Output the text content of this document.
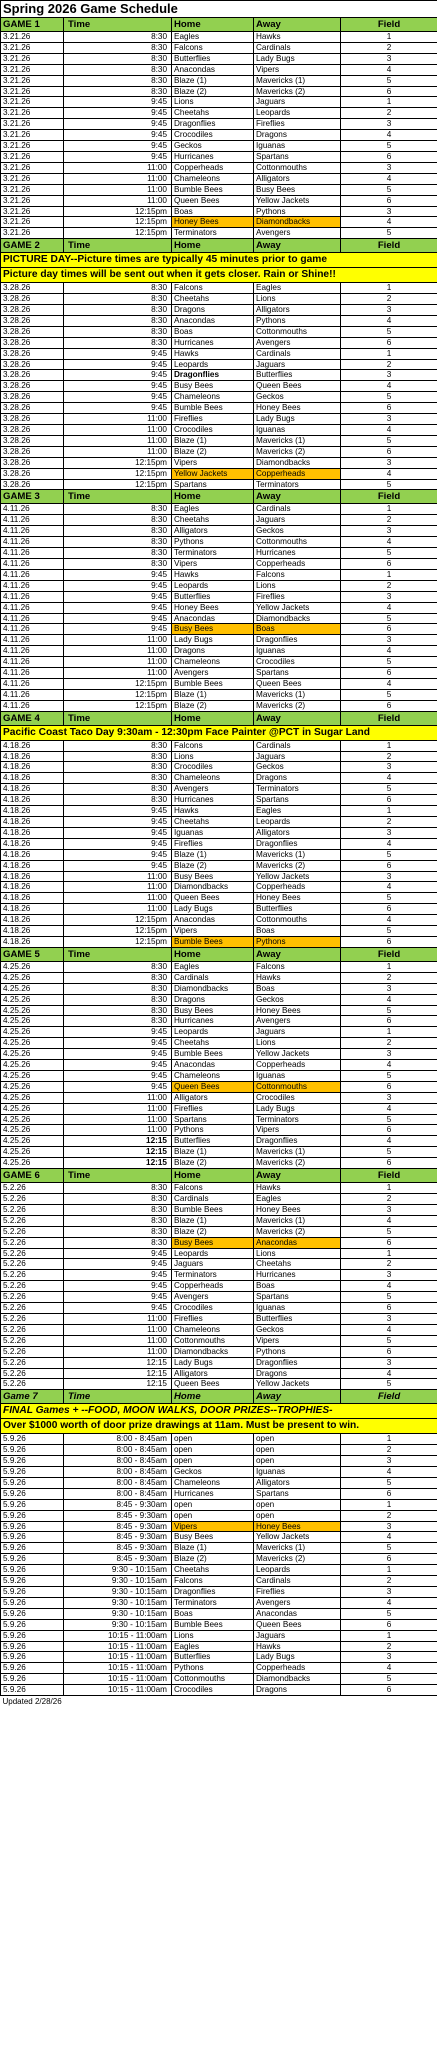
Spring 2026 Game Schedule				
GAME 1	Time	Home	Away	Field
3.21.26	8:30	Eagles	Hawks	1
3.21.26	8:30	Falcons	Cardinals	2
3.21.26	8:30	Butterflies	Lady Bugs	3
3.21.26	8:30	Anacondas	Vipers	4
3.21.26	8:30	Blaze (1)	Mavericks (1)	5
3.21.26	8:30	Blaze (2)	Mavericks (2)	6
3.21.26	9:45	Lions	Jaguars	1
3.21.26	9:45	Cheetahs	Leopards	2
3.21.26	9:45	Dragonflies	Fireflies	3
3.21.26	9:45	Crocodiles	Dragons	4
3.21.26	9:45	Geckos	Iguanas	5
3.21.26	9:45	Hurricanes	Spartans	6
3.21.26	11:00	Copperheads	Cottonmouths	3
3.21.26	11:00	Chameleons	Alligators	4
3.21.26	11:00	Bumble Bees	Busy Bees	5
3.21.26	11:00	Queen Bees	Yellow Jackets	6
3.21.26	12:15pm	Boas	Pythons	3
3.21.26	12:15pm	Honey Bees	Diamondbacks	4
3.21.26	12:15pm	Terminators	Avengers	5
GAME 2	Time	Home	Away	Field
PICTURE DAY--Picture times are typically 45 minutes prior to game				
Picture day times will be sent out when it gets closer. Rain or Shine!!				
3.28.26	8:30	Falcons	Eagles	1
3.28.26	8:30	Cheetahs	Lions	2
3.28.26	8:30	Dragons	Alligators	3
3.28.26	8:30	Anacondas	Pythons	4
3.28.26	8:30	Boas	Cottonmouths	5
3.28.26	8:30	Hurricanes	Avengers	6
3.28.26	9:45	Hawks	Cardinals	1
3.28.26	9:45	Leopards	Jaguars	2
3.28.26	9:45	Dragonflies	Butterflies	3
3.28.26	9:45	Busy Bees	Queen Bees	4
3.28.26	9:45	Chameleons	Geckos	5
3.28.26	9:45	Bumble Bees	Honey Bees	6
3.28.26	11:00	Fireflies	Lady Bugs	3
3.28.26	11:00	Crocodiles	Iguanas	4
3.28.26	11:00	Blaze (1)	Mavericks (1)	5
3.28.26	11:00	Blaze (2)	Mavericks (2)	6
3.28.26	12:15pm	Vipers	Diamondbacks	3
3.28.26	12:15pm	Yellow Jackets	Copperheads	4
3.28.26	12:15pm	Spartans	Terminators	5
GAME 3	Time	Home	Away	Field
4.11.26	8:30	Eagles	Cardinals	1
4.11.26	8:30	Cheetahs	Jaguars	2
4.11.26	8:30	Alligators	Geckos	3
4.11.26	8:30	Pythons	Cottonmouths	4
4.11.26	8:30	Terminators	Hurricanes	5
4.11.26	8:30	Vipers	Copperheads	6
4.11.26	9:45	Hawks	Falcons	1
4.11.26	9:45	Leopards	Lions	2
4.11.26	9:45	Butterflies	Fireflies	3
4.11.26	9:45	Honey Bees	Yellow Jackets	4
4.11.26	9:45	Anacondas	Diamondbacks	5
4.11.26	9:45	Busy Bees	Boas	6
4.11.26	11:00	Lady Bugs	Dragonflies	3
4.11.26	11:00	Dragons	Iguanas	4
4.11.26	11:00	Chameleons	Crocodiles	5
4.11.26	11:00	Avengers	Spartans	6
4.11.26	12:15pm	Bumble Bees	Queen Bees	4
4.11.26	12:15pm	Blaze (1)	Mavericks (1)	5
4.11.26	12:15pm	Blaze (2)	Mavericks (2)	6
GAME 4	Time	Home	Away	Field
Pacific Coast Taco Day 9:30am - 12:30pm Face Painter @PCT in Sugar Land				
4.18.26	8:30	Falcons	Cardinals	1
4.18.26	8:30	Lions	Jaguars	2
4.18.26	8:30	Crocodiles	Geckos	3
4.18.26	8:30	Chameleons	Dragons	4
4.18.26	8:30	Avengers	Terminators	5
4.18.26	8:30	Hurricanes	Spartans	6
4.18.26	9:45	Hawks	Eagles	1
4.18.26	9:45	Cheetahs	Leopards	2
4.18.26	9:45	Iguanas	Alligators	3
4.18.26	9:45	Fireflies	Dragonflies	4
4.18.26	9:45	Blaze (1)	Mavericks (1)	5
4.18.26	9:45	Blaze (2)	Mavericks (2)	6
4.18.26	11:00	Busy Bees	Yellow Jackets	3
4.18.26	11:00	Diamondbacks	Copperheads	4
4.18.26	11:00	Queen Bees	Honey Bees	5
4.18.26	11:00	Lady Bugs	Butterflies	6
4.18.26	12:15pm	Anacondas	Cottonmouths	4
4.18.26	12:15pm	Vipers	Boas	5
4.18.26	12:15pm	Bumble Bees	Pythons	6
GAME 5	Time	Home	Away	Field
4.25.26	8:30	Eagles	Falcons	1
4.25.26	8:30	Cardinals	Hawks	2
4.25.26	8:30	Diamondbacks	Boas	3
4.25.26	8:30	Dragons	Geckos	4
4.25.26	8:30	Busy Bees	Honey Bees	5
4.25.26	8:30	Hurricanes	Avengers	6
4.25.26	9:45	Leopards	Jaguars	1
4.25.26	9:45	Cheetahs	Lions	2
4.25.26	9:45	Bumble Bees	Yellow Jackets	3
4.25.26	9:45	Anacondas	Copperheads	4
4.25.26	9:45	Chameleons	Iguanas	5
4.25.26	9:45	Queen Bees	Cottonmouths	6
4.25.26	11:00	Alligators	Crocodiles	3
4.25.26	11:00	Fireflies	Lady Bugs	4
4.25.26	11:00	Spartans	Terminators	5
4.25.26	11:00	Pythons	Vipers	6
4.25.26	12:15	Butterflies	Dragonflies	4
4.25.26	12:15	Blaze (1)	Mavericks (1)	5
4.25.26	12:15	Blaze (2)	Mavericks (2)	6
GAME 6	Time	Home	Away	Field
5.2.26	8:30	Falcons	Hawks	1
5.2.26	8:30	Cardinals	Eagles	2
5.2.26	8:30	Bumble Bees	Honey Bees	3
5.2.26	8:30	Blaze (1)	Mavericks (1)	4
5.2.26	8:30	Blaze (2)	Mavericks (2)	5
5.2.26	8:30	Busy Bees	Anacondas	6
5.2.26	9:45	Leopards	Lions	1
5.2.26	9:45	Jaguars	Cheetahs	2
5.2.26	9:45	Terminators	Hurricanes	3
5.2.26	9:45	Copperheads	Boas	4
5.2.26	9:45	Avengers	Spartans	5
5.2.26	9:45	Crocodiles	Iguanas	6
5.2.26	11:00	Fireflies	Butterflies	3
5.2.26	11:00	Chameleons	Geckos	4
5.2.26	11:00	Cottonmouths	Vipers	5
5.2.26	11:00	Diamondbacks	Pythons	6
5.2.26	12:15	Lady Bugs	Dragonflies	3
5.2.26	12:15	Alligators	Dragons	4
5.2.26	12:15	Queen Bees	Yellow Jackets	5
Game 7	Time	Home	Away	Field
FINAL Games + --FOOD, MOON WALKS, DOOR PRIZES--TROPHIES-				
Over $1000 worth of door prize drawings at 11am. Must be present to win.				
5.9.26	8:00 - 8:45am	open	open	1
5.9.26	8:00 - 8:45am	open	open	2
5.9.26	8:00 - 8:45am	open	open	3
5.9.26	8:00 - 8:45am	Geckos	Iguanas	4
5.9.26	8:00 - 8:45am	Chameleons	Alligators	5
5.9.26	8:00 - 8:45am	Hurricanes	Spartans	6
5.9.26	8:45 - 9:30am	open	open	1
5.9.26	8:45 - 9:30am	open	open	2
5.9.26	8:45 - 9:30am	Vipers	Honey Bees	3
5.9.26	8:45 - 9:30am	Busy Bees	Yellow Jackets	4
5.9.26	8:45 - 9:30am	Blaze (1)	Mavericks (1)	5
5.9.26	8:45 - 9:30am	Blaze (2)	Mavericks (2)	6
5.9.26	9:30 - 10:15am	Cheetahs	Leopards	1
5.9.26	9:30 - 10:15am	Falcons	Cardinals	2
5.9.26	9:30 - 10:15am	Dragonflies	Fireflies	3
5.9.26	9:30 - 10:15am	Terminators	Avengers	4
5.9.26	9:30 - 10:15am	Boas	Anacondas	5
5.9.26	9:30 - 10:15am	Bumble Bees	Queen Bees	6
5.9.26	10:15 - 11:00am	Lions	Jaguars	1
5.9.26	10:15 - 11:00am	Eagles	Hawks	2
5.9.26	10:15 - 11:00am	Butterflies	Lady Bugs	3
5.9.26	10:15 - 11:00am	Pythons	Copperheads	4
5.9.26	10:15 - 11:00am	Cottonmouths	Diamondbacks	5
5.9.26	10:15 - 11:00am	Crocodiles	Dragons	6
Updated 2/28/26				
